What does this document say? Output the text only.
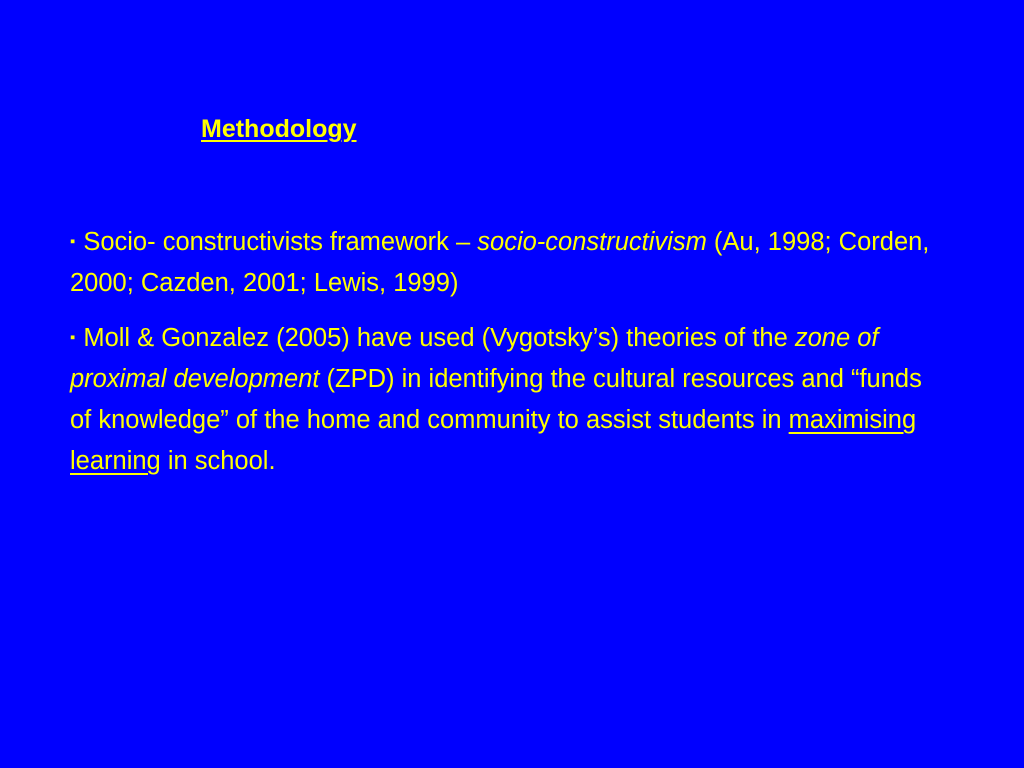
Methodology

▪ Socio- constructivists framework – socio-constructivism (Au, 1998; Corden, 2000; Cazden, 2001; Lewis, 1999)

▪ Moll & Gonzalez (2005) have used (Vygotsky’s) theories of the zone of proximal development (ZPD) in identifying the cultural resources and “funds of knowledge” of the home and community to assist students in maximising learning in school.
